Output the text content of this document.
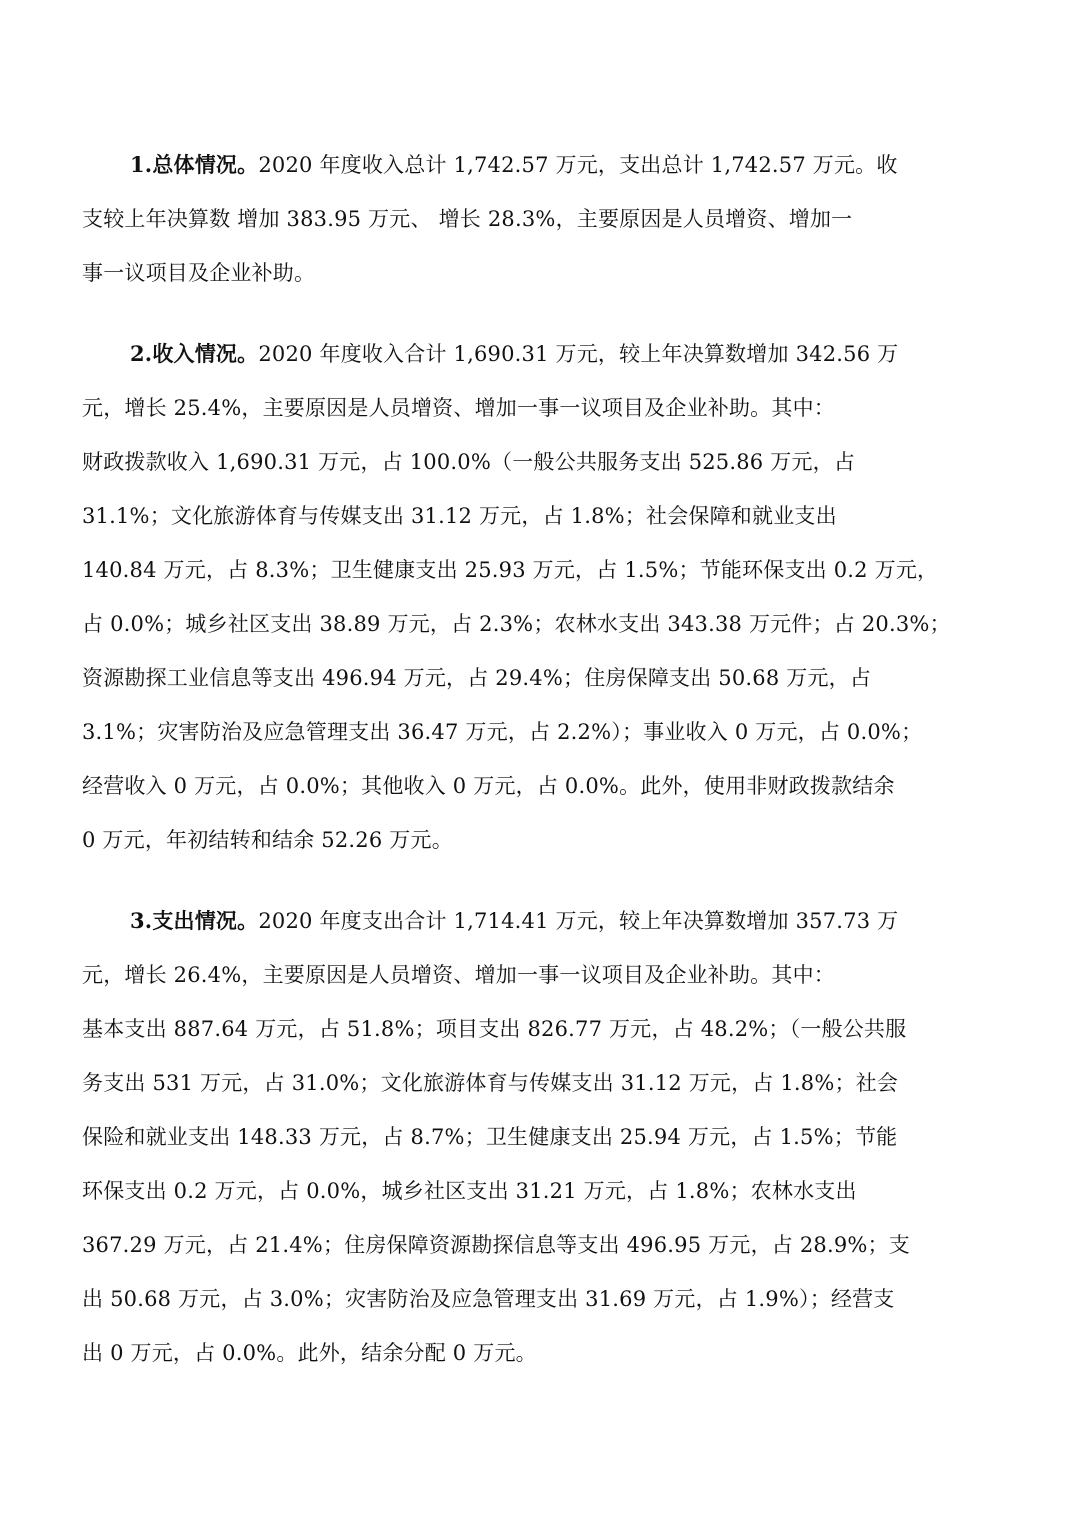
1.总体情况。2020 年度收入总计 1,742.57 万元，支出总计 1,742.57 万元。收
支较上年决算数 增加 383.95 万元、 增长 28.3%，主要原因是人员增资、增加一
事一议项目及企业补助。
2.收入情况。2020 年度收入合计 1,690.31 万元，较上年决算数增加 342.56 万
元，增长 25.4%，主要原因是人员增资、增加一事一议项目及企业补助。其中：
财政拨款收入 1,690.31 万元，占 100.0%（一般公共服务支出 525.86 万元，占
31.1%；文化旅游体育与传媒支出 31.12 万元，占 1.8%；社会保障和就业支出
140.84 万元，占 8.3%；卫生健康支出 25.93 万元，占 1.5%；节能环保支出 0.2 万元，
占 0.0%；城乡社区支出 38.89 万元，占 2.3%；农林水支出 343.38 万元件；占 20.3%；
资源勘探工业信息等支出 496.94 万元，占 29.4%；住房保障支出 50.68 万元，占
3.1%；灾害防治及应急管理支出 36.47 万元，占 2.2%）；事业收入 0 万元，占 0.0%；
经营收入 0 万元，占 0.0%；其他收入 0 万元，占 0.0%。此外，使用非财政拨款结余
0 万元，年初结转和结余 52.26 万元。
3.支出情况。2020 年度支出合计 1,714.41 万元，较上年决算数增加 357.73 万
元，增长 26.4%，主要原因是人员增资、增加一事一议项目及企业补助。其中：
基本支出 887.64 万元，占 51.8%；项目支出 826.77 万元，占 48.2%；（一般公共服
务支出 531 万元，占 31.0%；文化旅游体育与传媒支出 31.12 万元，占 1.8%；社会
保险和就业支出 148.33 万元，占 8.7%；卫生健康支出 25.94 万元，占 1.5%；节能
环保支出 0.2 万元，占 0.0%，城乡社区支出 31.21 万元，占 1.8%；农林水支出
367.29 万元，占 21.4%；住房保障资源勘探信息等支出 496.95 万元，占 28.9%；支
出 50.68 万元，占 3.0%；灾害防治及应急管理支出 31.69 万元，占 1.9%）；经营支
出 0 万元，占 0.0%。此外，结余分配 0 万元。
